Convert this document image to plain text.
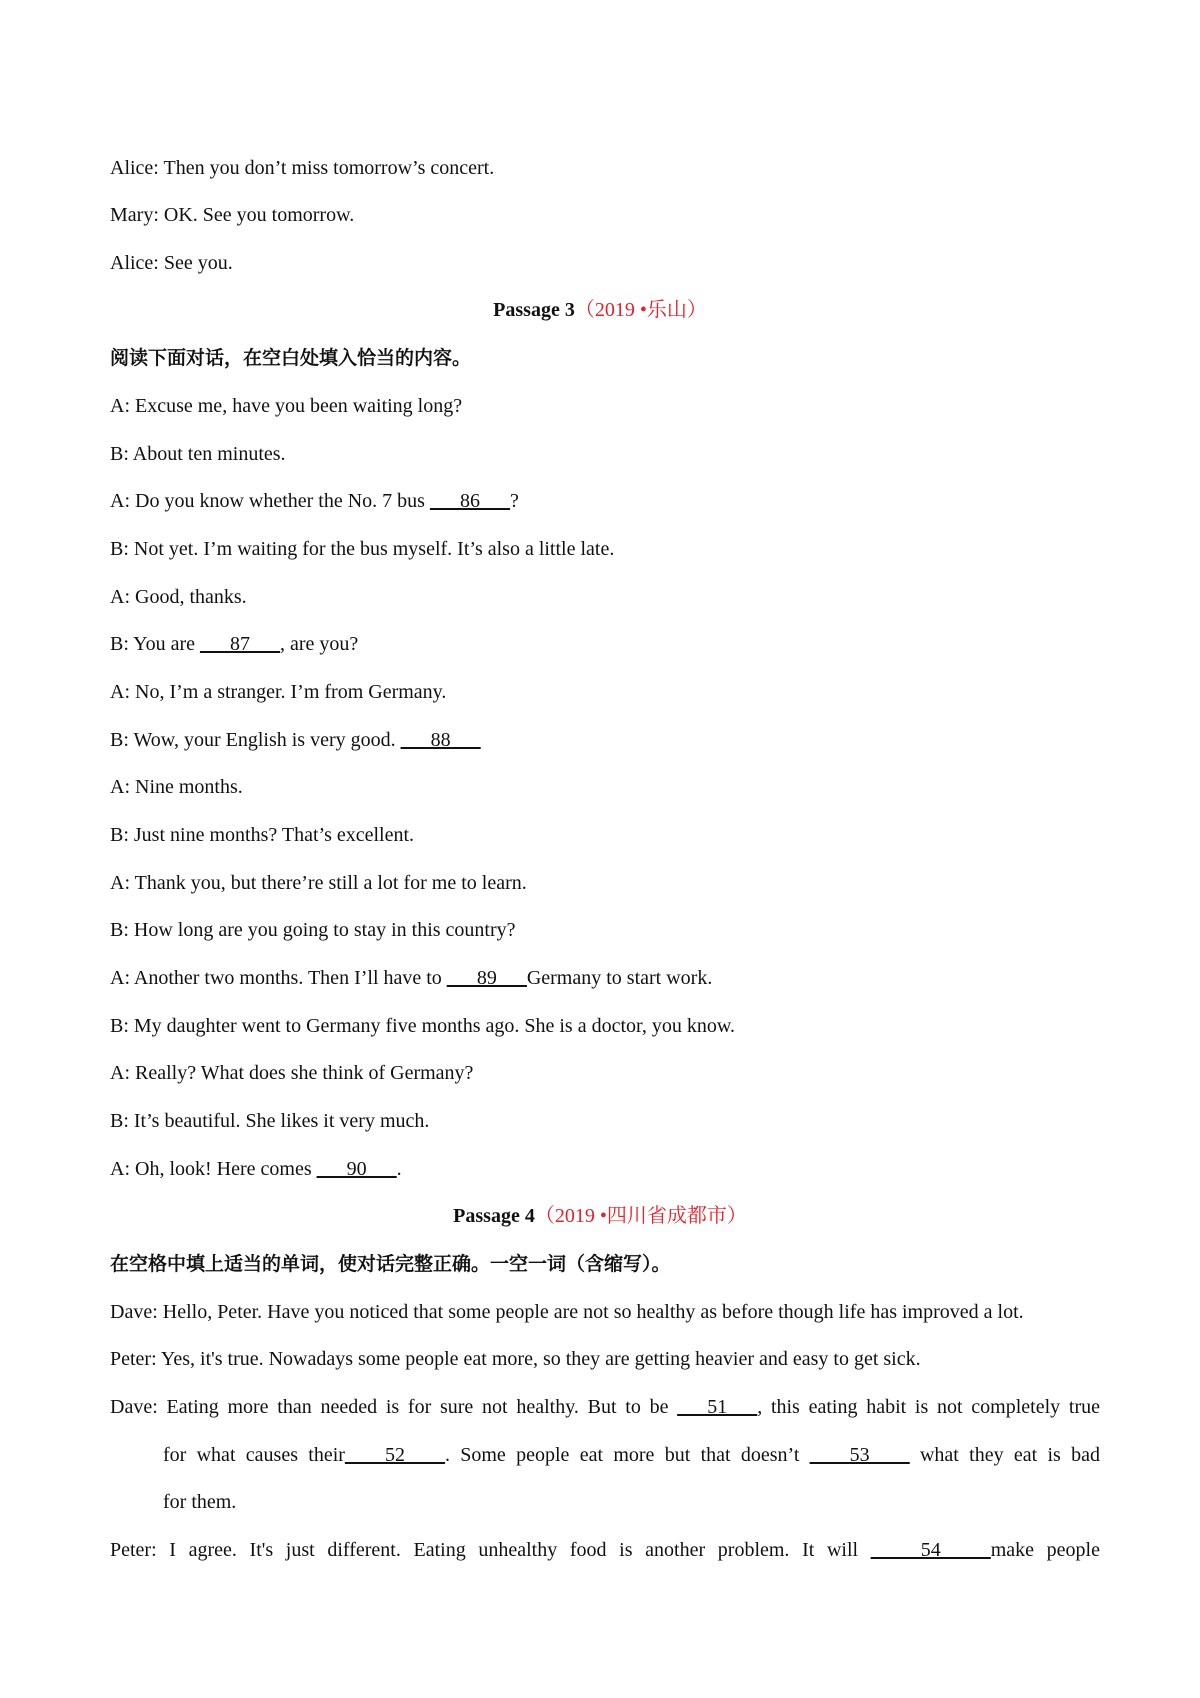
Alice: Then you don’t miss tomorrow’s concert.
Mary: OK. See you tomorrow.
Alice: See you.
Passage 3（2019 •乐山）
阅读下面对话，在空白处填入恰当的内容。
A: Excuse me, have you been waiting long?
B: About ten minutes.
A: Do you know whether the No. 7 bus ___86___?
B: Not yet. I’m waiting for the bus myself. It’s also a little late.
A: Good, thanks.
B: You are ___87___, are you?
A: No, I’m a stranger. I’m from Germany.
B: Wow, your English is very good. ___88___
A: Nine months.
B: Just nine months? That’s excellent.
A: Thank you, but there’re still a lot for me to learn.
B: How long are you going to stay in this country?
A: Another two months. Then I’ll have to ___89___Germany to start work.
B: My daughter went to Germany five months ago. She is a doctor, you know.
A: Really? What does she think of Germany?
B: It’s beautiful. She likes it very much.
A: Oh, look! Here comes ___90___.
Passage 4（2019 •四川省成都市）
在空格中填上适当的单词，使对话完整正确。一空一词（含缩写）。
Dave: Hello, Peter. Have you noticed that some people are not so healthy as before though life has improved a lot.
Peter: Yes, it's true. Nowadays some people eat more, so they are getting heavier and easy to get sick.
Dave: Eating more than needed is for sure not healthy. But to be ___51___, this eating habit is not completely true
for what causes their____52____. Some people eat more but that doesn’t ____53____ what they eat is bad
for them.
Peter: I agree. It's just different. Eating unhealthy food is another problem. It will _____54_____make people
